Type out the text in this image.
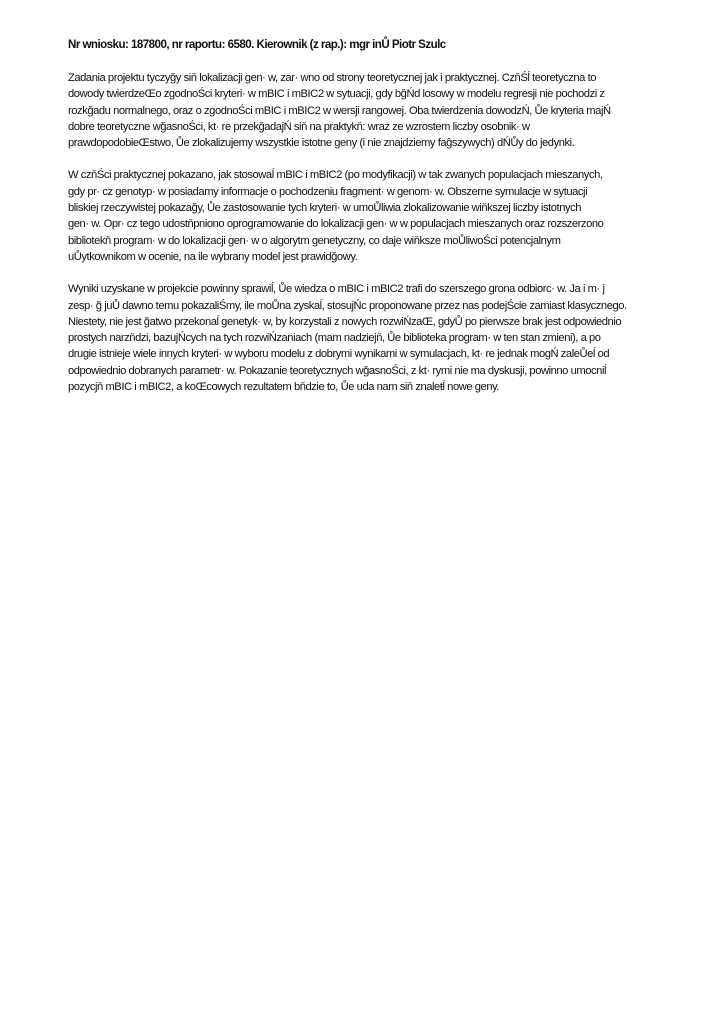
Nr wniosku: 187800, nr raportu: 6580. Kierownik (z rap.): mgr inŮ Piotr Szulc
Zadania projektu tyczyğy siň lokalizacji gen· w, zar· wno od strony teoretycznej jak i praktycznej. CzňŚĺ teoretyczna to
dowody twierdzeŒo zgodnoŚci kryteri· w mBIC i mBIC2 w sytuacji, gdy bğŃd losowy w modelu regresji nie pochodzi z
rozkğadu normalnego, oraz o zgodnoŚci mBIC i mBIC2 w wersji rangowej. Oba twierdzenia dowodzŃ, Ůe kryteria majŃ
dobre teoretyczne wğasnoŚci, kt· re przekğadajŃ siň na praktykň: wraz ze wzrostem liczby osobnik· w
prawdopodobieŒstwo, Ůe zlokalizujemy wszystkie istotne geny (i nie znajdziemy faĝszywych) dŃŮy do jedynki.
W czňŚci praktycznej pokazano, jak stosowaĺ mBIC i mBIC2 (po modyfikacji) w tak zwanych populacjach mieszanych,
gdy pr· cz genotyp· w posiadamy informacje o pochodzeniu fragment· w genom· w. Obszerne symulacje w sytuacji
bliskiej rzeczywistej pokazağy, Ůe zastosowanie tych kryteri· w umoŮliwia zlokalizowanie wiňkszej liczby istotnych
gen· w. Opr· cz tego udostňpniono oprogramowanie do lokalizacji gen· w w populacjach mieszanych oraz rozszerzono
bibliotekň program· w do lokalizacji gen· w o algorytm genetyczny, co daje wiňksze moŮliwoŚci potencjalnym
uŮytkownikom w ocenie, na ile wybrany model jest prawidğowy.
Wyniki uzyskane w projekcie powinny sprawiĺ, Ůe wiedza o mBIC i mBIC2 trafi do szerszego grona odbiorc· w. Ja i m· j
zesp· ğ juŮ dawno temu pokazaliŚmy, ile moŮna zyskaĺ, stosujŃc proponowane przez nas podejŚcie zamiast klasycznego.
Niestety, nie jest ğatwo przekonaĺ genetyk· w, by korzystali z nowych rozwiŃzaŒ, gdyŮ po pierwsze brak jest odpowiednio
prostych narzňdzi, bazujŃcych na tych rozwiŃzaniach (mam nadziejň, Ůe biblioteka program· w ten stan zmieni), a po
drugie istnieje wiele innych kryteri· w wyboru modelu z dobrymi wynikami w symulacjach, kt· re jednak mogŃ zaleŮeĺ od
odpowiednio dobranych parametr· w. Pokazanie teoretycznych wğasnoŚci, z kt· rymi nie ma dyskusji, powinno umocniĺ
pozycjň mBIC i mBIC2, a koŒcowych rezultatem bňdzie to, Ůe uda nam siň znaleŧĺ nowe geny.
